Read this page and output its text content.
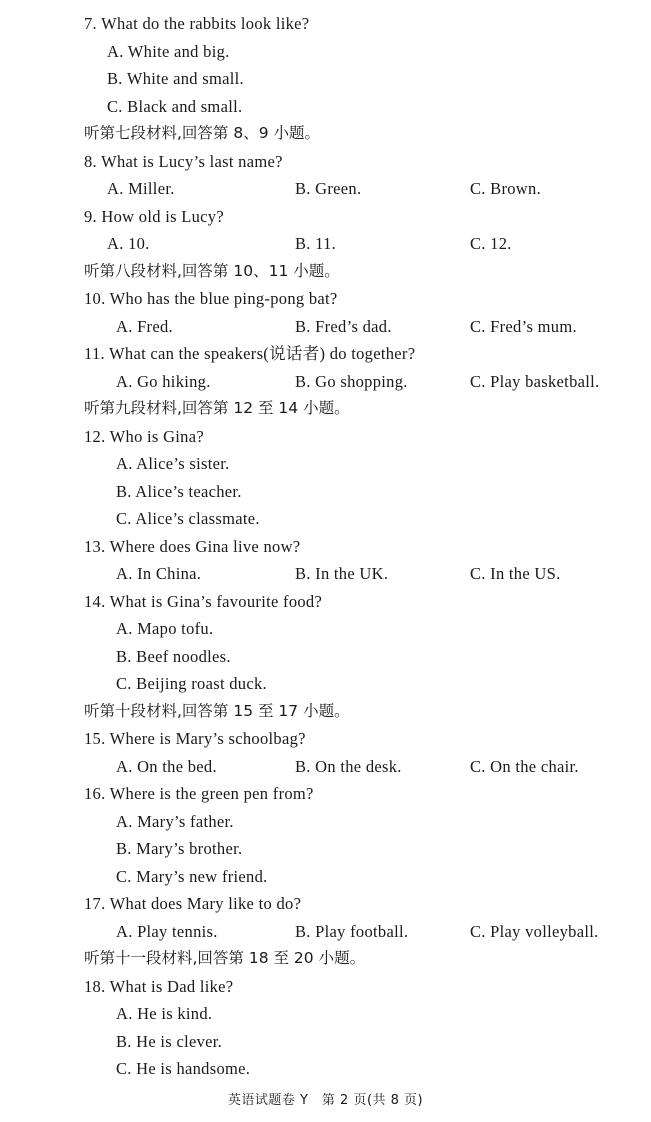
7. What do the rabbits look like?
A. White and big.
B. White and small.
C. Black and small.
听第七段材料,回答第 8、9 小题。
8. What is Lucy’s last name?
A. Miller.	B. Green.	C. Brown.
9. How old is Lucy?
A. 10.	B. 11.	C. 12.
听第八段材料,回答第 10、11 小题。
10. Who has the blue ping-pong bat?
A. Fred.	B. Fred’s dad.	C. Fred’s mum.
11. What can the speakers(说话者) do together?
A. Go hiking.	B. Go shopping.	C. Play basketball.
听第九段材料,回答第 12 至 14 小题。
12. Who is Gina?
A. Alice’s sister.
B. Alice’s teacher.
C. Alice’s classmate.
13. Where does Gina live now?
A. In China.	B. In the UK.	C. In the US.
14. What is Gina’s favourite food?
A. Mapo tofu.
B. Beef noodles.
C. Beijing roast duck.
听第十段材料,回答第 15 至 17 小题。
15. Where is Mary’s schoolbag?
A. On the bed.	B. On the desk.	C. On the chair.
16. Where is the green pen from?
A. Mary’s father.
B. Mary’s brother.
C. Mary’s new friend.
17. What does Mary like to do?
A. Play tennis.	B. Play football.	C. Play volleyball.
听第十一段材料,回答第 18 至 20 小题。
18. What is Dad like?
A. He is kind.
B. He is clever.
C. He is handsome.
英语试题卷 Y　第 2 页(共 8 页)
